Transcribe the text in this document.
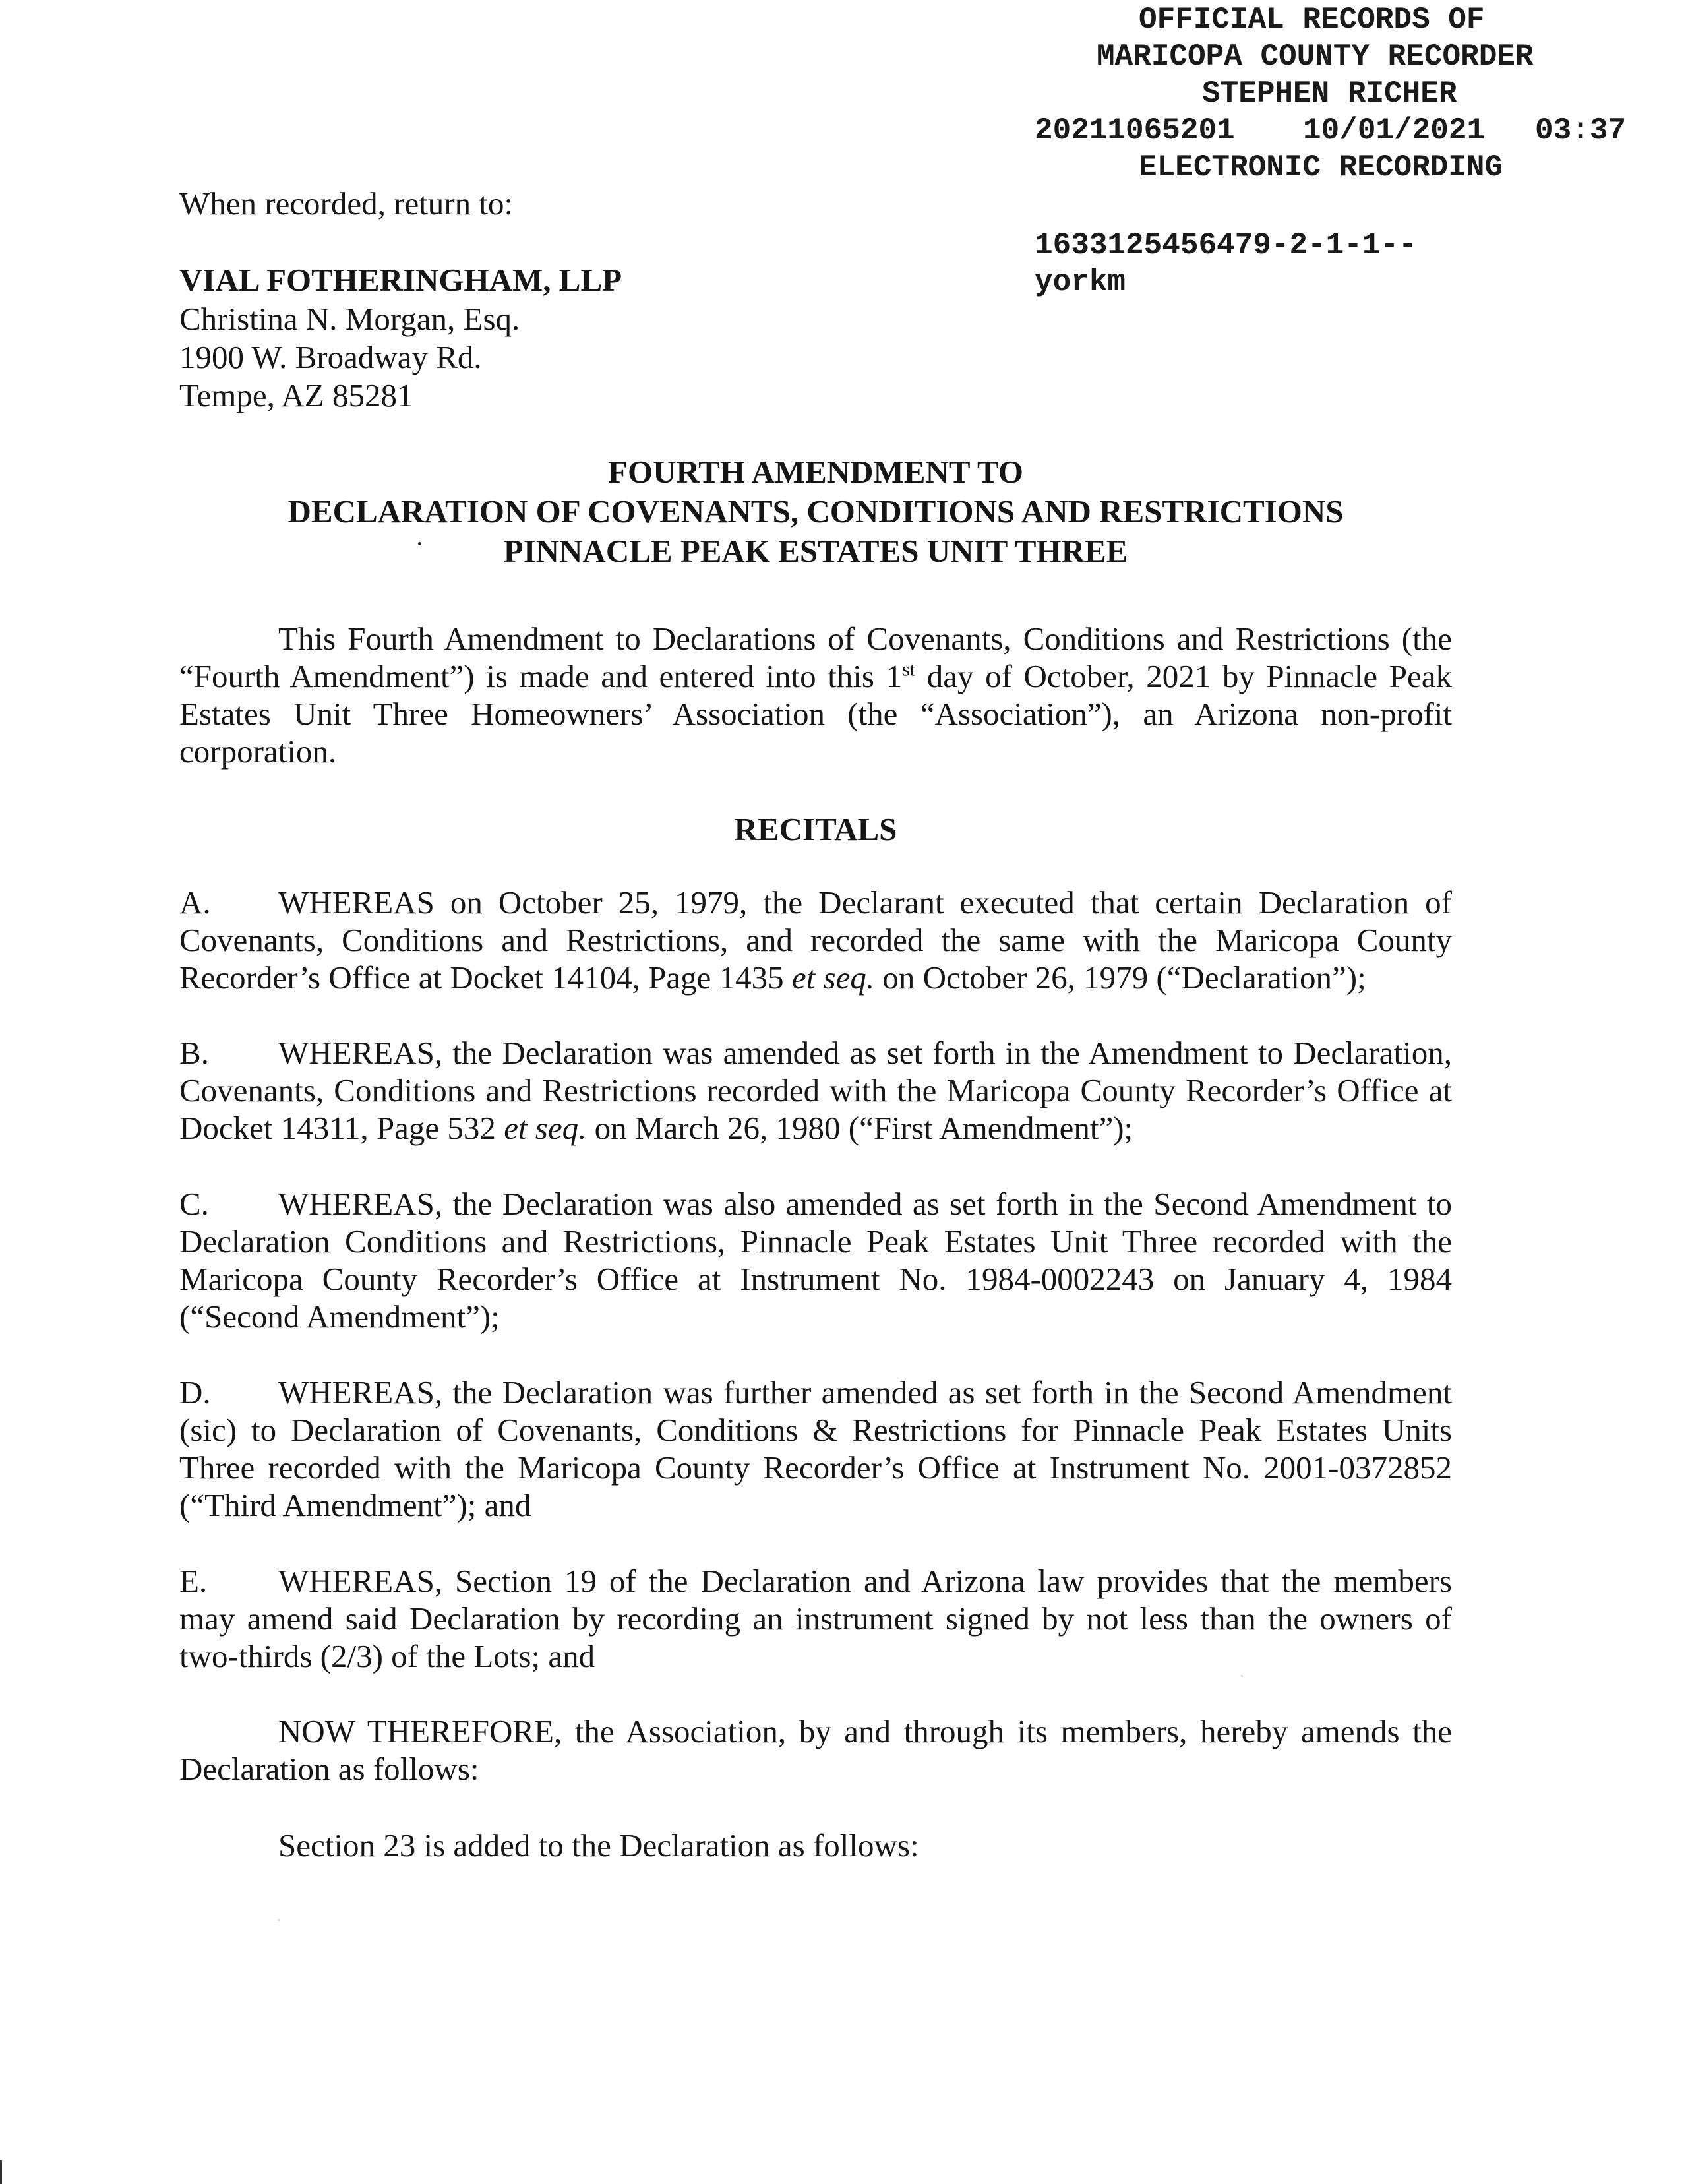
OFFICIAL RECORDS OF

MARICOPA COUNTY RECORDER

STEPHEN RICHER

20211065201

10/01/2021

03:37

ELECTRONIC RECORDING

1633125456479-2-1-1--

yorkm

When recorded, return to:
VIAL FOTHERINGHAM, LLP
Christina N. Morgan, Esq.
1900 W. Broadway Rd.
Tempe, AZ 85281
FOURTH AMENDMENT TO
DECLARATION OF COVENANTS, CONDITIONS AND RESTRICTIONS
PINNACLE PEAK ESTATES UNIT THREE
This Fourth Amendment to Declarations of Covenants, Conditions and Restrictions (the “Fourth Amendment”) is made and entered into this 1st day of October, 2021 by Pinnacle Peak Estates Unit Three Homeowners’ Association (the “Association”), an Arizona non-profit corporation.
RECITALS
A. WHEREAS on October 25, 1979, the Declarant executed that certain Declaration of Covenants, Conditions and Restrictions, and recorded the same with the Maricopa County Recorder’s Office at Docket 14104, Page 1435 et seq. on October 26, 1979 (“Declaration”);
B. WHEREAS, the Declaration was amended as set forth in the Amendment to Declaration, Covenants, Conditions and Restrictions recorded with the Maricopa County Recorder’s Office at Docket 14311, Page 532 et seq. on March 26, 1980 (“First Amendment”);
C. WHEREAS, the Declaration was also amended as set forth in the Second Amendment to Declaration Conditions and Restrictions, Pinnacle Peak Estates Unit Three recorded with the Maricopa County Recorder’s Office at Instrument No. 1984-0002243 on January 4, 1984 (“Second Amendment”);
D. WHEREAS, the Declaration was further amended as set forth in the Second Amendment (sic) to Declaration of Covenants, Conditions & Restrictions for Pinnacle Peak Estates Units Three recorded with the Maricopa County Recorder’s Office at Instrument No. 2001-0372852 (“Third Amendment”); and
E. WHEREAS, Section 19 of the Declaration and Arizona law provides that the members may amend said Declaration by recording an instrument signed by not less than the owners of two-thirds (2/3) of the Lots; and
NOW THEREFORE, the Association, by and through its members, hereby amends the Declaration as follows:
Section 23 is added to the Declaration as follows:
